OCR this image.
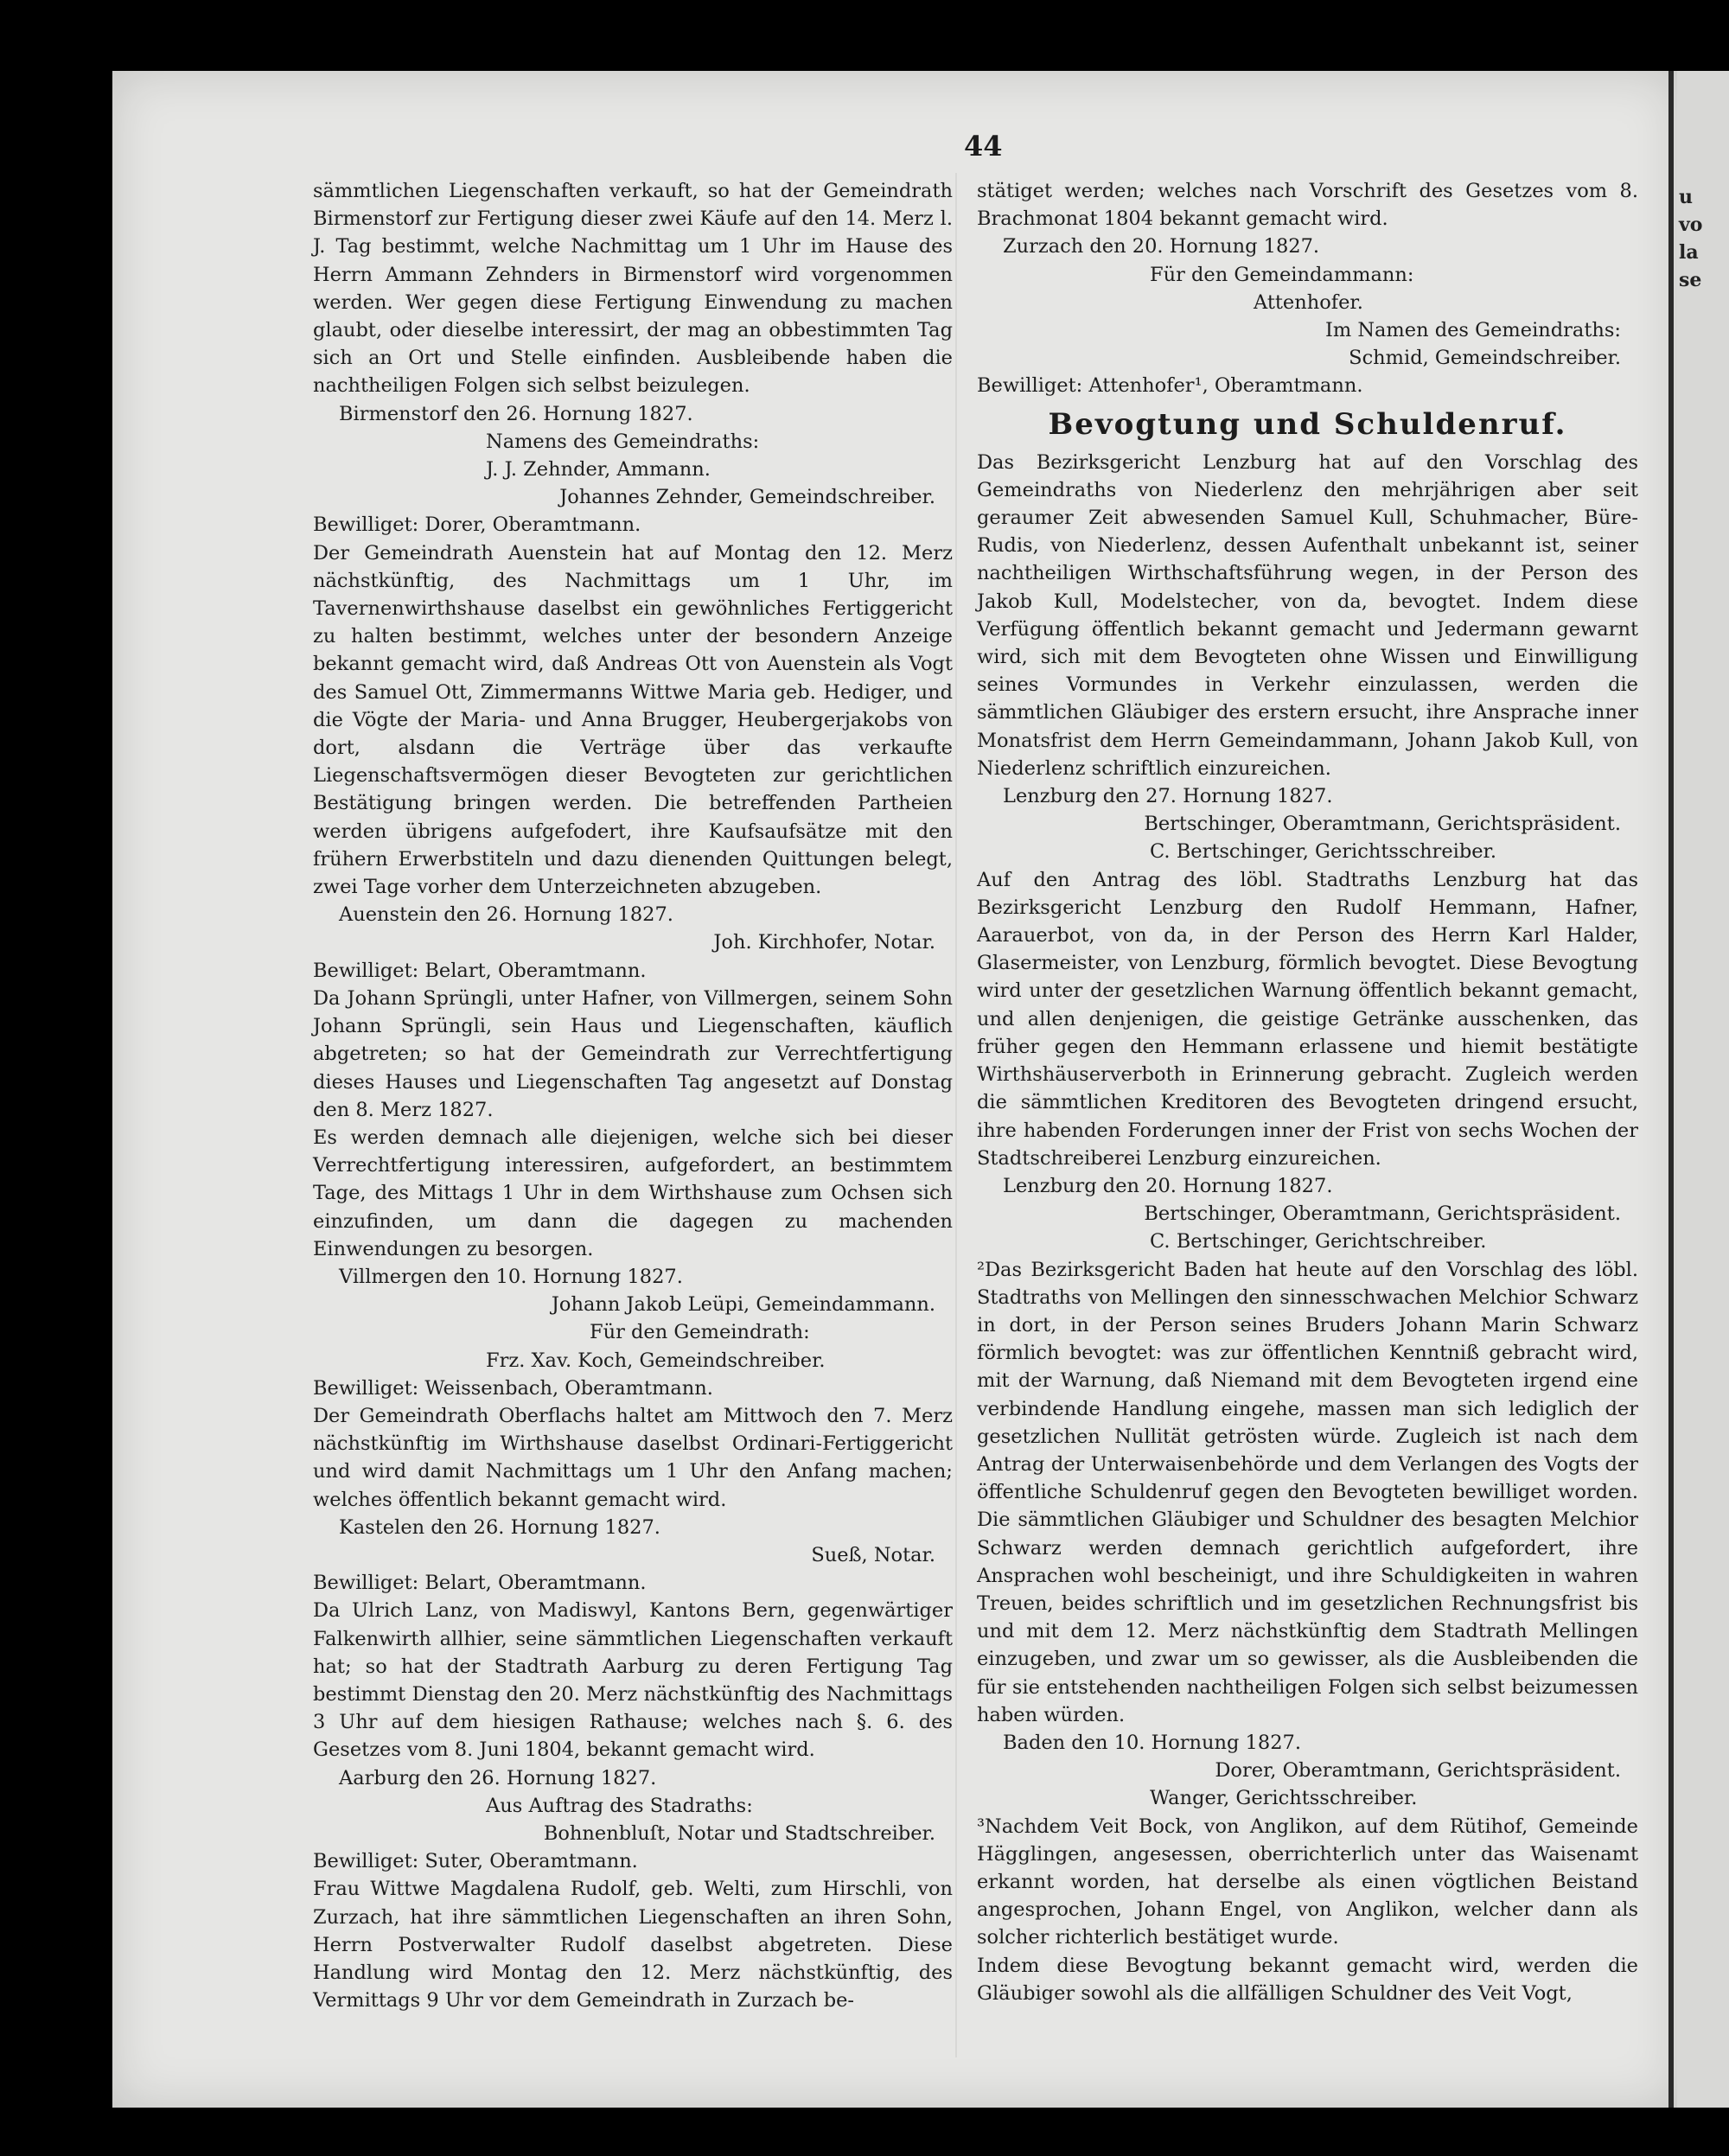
u
vo
la
se
44

sämmtlichen Liegenschaften verkauft, so hat der Gemeindrath Birmenstorf zur Fertigung dieser zwei Käufe auf den 14. Merz l. J. Tag bestimmt, welche Nachmittag um 1 Uhr im Hause des Herrn Ammann Zehnders in Birmenstorf wird vorgenommen werden. Wer gegen diese Fertigung Einwendung zu machen glaubt, oder dieselbe interessirt, der mag an obbestimmten Tag sich an Ort und Stelle einfinden. Ausbleibende haben die nachtheiligen Folgen sich selbst beizulegen.

Birmenstorf den 26. Hornung 1827.

Namens des Gemeindraths:

J. J. Zehnder, Ammann.

Johannes Zehnder, Gemeindschreiber.

Bewilliget: Dorer, Oberamtmann.

Der Gemeindrath Auenstein hat auf Montag den 12. Merz nächstkünftig, des Nachmittags um 1 Uhr, im Tavernenwirthshause daselbst ein gewöhnliches Fertiggericht zu halten bestimmt, welches unter der besondern Anzeige bekannt gemacht wird, daß Andreas Ott von Auenstein als Vogt des Samuel Ott, Zimmermanns Wittwe Maria geb. Hediger, und die Vögte der Maria- und Anna Brugger, Heubergerjakobs von dort, alsdann die Verträge über das verkaufte Liegenschaftsvermögen dieser Bevogteten zur gerichtlichen Bestätigung bringen werden. Die betreffenden Partheien werden übrigens aufgefodert, ihre Kaufsaufsätze mit den frühern Erwerbstiteln und dazu dienenden Quittungen belegt, zwei Tage vorher dem Unterzeichneten abzugeben.

Auenstein den 26. Hornung 1827.

Joh. Kirchhofer, Notar.

Bewilliget: Belart, Oberamtmann.

Da Johann Sprüngli, unter Hafner, von Villmergen, seinem Sohn Johann Sprüngli, sein Haus und Liegenschaften, käuflich abgetreten; so hat der Gemeindrath zur Verrechtfertigung dieses Hauses und Liegenschaften Tag angesetzt auf Donstag den 8. Merz 1827.

Es werden demnach alle diejenigen, welche sich bei dieser Verrechtfertigung interessiren, aufgefordert, an bestimmtem Tage, des Mittags 1 Uhr in dem Wirthshause zum Ochsen sich einzufinden, um dann die dagegen zu machenden Einwendungen zu besorgen.

Villmergen den 10. Hornung 1827.

Johann Jakob Leüpi, Gemeindammann.

Für den Gemeindrath:

Frz. Xav. Koch, Gemeindschreiber.

Bewilliget: Weissenbach, Oberamtmann.

Der Gemeindrath Oberflachs haltet am Mittwoch den 7. Merz nächstkünftig im Wirthshause daselbst Ordinari-Fertiggericht und wird damit Nachmittags um 1 Uhr den Anfang machen; welches öffentlich bekannt gemacht wird.

Kastelen den 26. Hornung 1827.

Sueß, Notar.

Bewilliget: Belart, Oberamtmann.

Da Ulrich Lanz, von Madiswyl, Kantons Bern, gegenwärtiger Falkenwirth allhier, seine sämmtlichen Liegenschaften verkauft hat; so hat der Stadtrath Aarburg zu deren Fertigung Tag bestimmt Dienstag den 20. Merz nächstkünftig des Nachmittags 3 Uhr auf dem hiesigen Rathause; welches nach §. 6. des Gesetzes vom 8. Juni 1804, bekannt gemacht wird.

Aarburg den 26. Hornung 1827.

Aus Auftrag des Stadraths:

Bohnenbluſt, Notar und Stadtschreiber.

Bewilliget: Suter, Oberamtmann.

Frau Wittwe Magdalena Rudolf, geb. Welti, zum Hirschli, von Zurzach, hat ihre sämmtlichen Liegenschaften an ihren Sohn, Herrn Postverwalter Rudolf daselbst abgetreten. Diese Handlung wird Montag den 12. Merz nächstkünftig, des Vermittags 9 Uhr vor dem Gemeindrath in Zurzach be-

stätiget werden; welches nach Vorschrift des Gesetzes vom 8. Brachmonat 1804 bekannt gemacht wird.

Zurzach den 20. Hornung 1827.

Für den Gemeindammann:

Attenhofer.

Im Namen des Gemeindraths:

Schmid, Gemeindschreiber.

Bewilliget: Attenhofer¹, Oberamtmann.

Bevogtung und Schuldenruf.

Das Bezirksgericht Lenzburg hat auf den Vorschlag des Gemeindraths von Niederlenz den mehrjährigen aber seit geraumer Zeit abwesenden Samuel Kull, Schuhmacher, Büre-Rudis, von Niederlenz, dessen Aufenthalt unbekannt ist, seiner nachtheiligen Wirthschaftsführung wegen, in der Person des Jakob Kull, Modelstecher, von da, bevogtet. Indem diese Verfügung öffentlich bekannt gemacht und Jedermann gewarnt wird, sich mit dem Bevogteten ohne Wissen und Einwilligung seines Vormundes in Verkehr einzulassen, werden die sämmtlichen Gläubiger des erstern ersucht, ihre Ansprache inner Monatsfrist dem Herrn Gemeindammann, Johann Jakob Kull, von Niederlenz schriftlich einzureichen.

Lenzburg den 27. Hornung 1827.

Bertschinger, Oberamtmann, Gerichtspräsident.

C. Bertschinger, Gerichtsschreiber.

Auf den Antrag des löbl. Stadtraths Lenzburg hat das Bezirksgericht Lenzburg den Rudolf Hemmann, Hafner, Aarauerbot, von da, in der Person des Herrn Karl Halder, Glasermeister, von Lenzburg, förmlich bevogtet. Diese Bevogtung wird unter der gesetzlichen Warnung öffentlich bekannt gemacht, und allen denjenigen, die geistige Getränke ausschenken, das früher gegen den Hemmann erlassene und hiemit bestätigte Wirthshäuserverboth in Erinnerung gebracht. Zugleich werden die sämmtlichen Kreditoren des Bevogteten dringend ersucht, ihre habenden Forderungen inner der Frist von sechs Wochen der Stadtschreiberei Lenzburg einzureichen.

Lenzburg den 20. Hornung 1827.

Bertschinger, Oberamtmann, Gerichtspräsident.

C. Bertschinger, Gerichtschreiber.

²Das Bezirksgericht Baden hat heute auf den Vorschlag des löbl. Stadtraths von Mellingen den sinnesschwachen Melchior Schwarz in dort, in der Person seines Bruders Johann Marin Schwarz förmlich bevogtet: was zur öffentlichen Kenntniß gebracht wird, mit der Warnung, daß Niemand mit dem Bevogteten irgend eine verbindende Handlung eingehe, massen man sich lediglich der gesetzlichen Nullität getrösten würde. Zugleich ist nach dem Antrag der Unterwaisenbehörde und dem Verlangen des Vogts der öffentliche Schuldenruf gegen den Bevogteten bewilliget worden. Die sämmtlichen Gläubiger und Schuldner des besagten Melchior Schwarz werden demnach gerichtlich aufgefordert, ihre Ansprachen wohl bescheinigt, und ihre Schuldigkeiten in wahren Treuen, beides schriftlich und im gesetzlichen Rechnungsfrist bis und mit dem 12. Merz nächstkünftig dem Stadtrath Mellingen einzugeben, und zwar um so gewisser, als die Ausbleibenden die für sie entstehenden nachtheiligen Folgen sich selbst beizumessen haben würden.

Baden den 10. Hornung 1827.

Dorer, Oberamtmann, Gerichtspräsident.

Wanger, Gerichtsschreiber.

³Nachdem Veit Bock, von Anglikon, auf dem Rütihof, Gemeinde Hägglingen, angesessen, oberrichterlich unter das Waisenamt erkannt worden, hat derselbe als einen vögtlichen Beistand angesprochen, Johann Engel, von Anglikon, welcher dann als solcher richterlich bestätiget wurde.

Indem diese Bevogtung bekannt gemacht wird, werden die Gläubiger sowohl als die allfälligen Schuldner des Veit Vogt,
